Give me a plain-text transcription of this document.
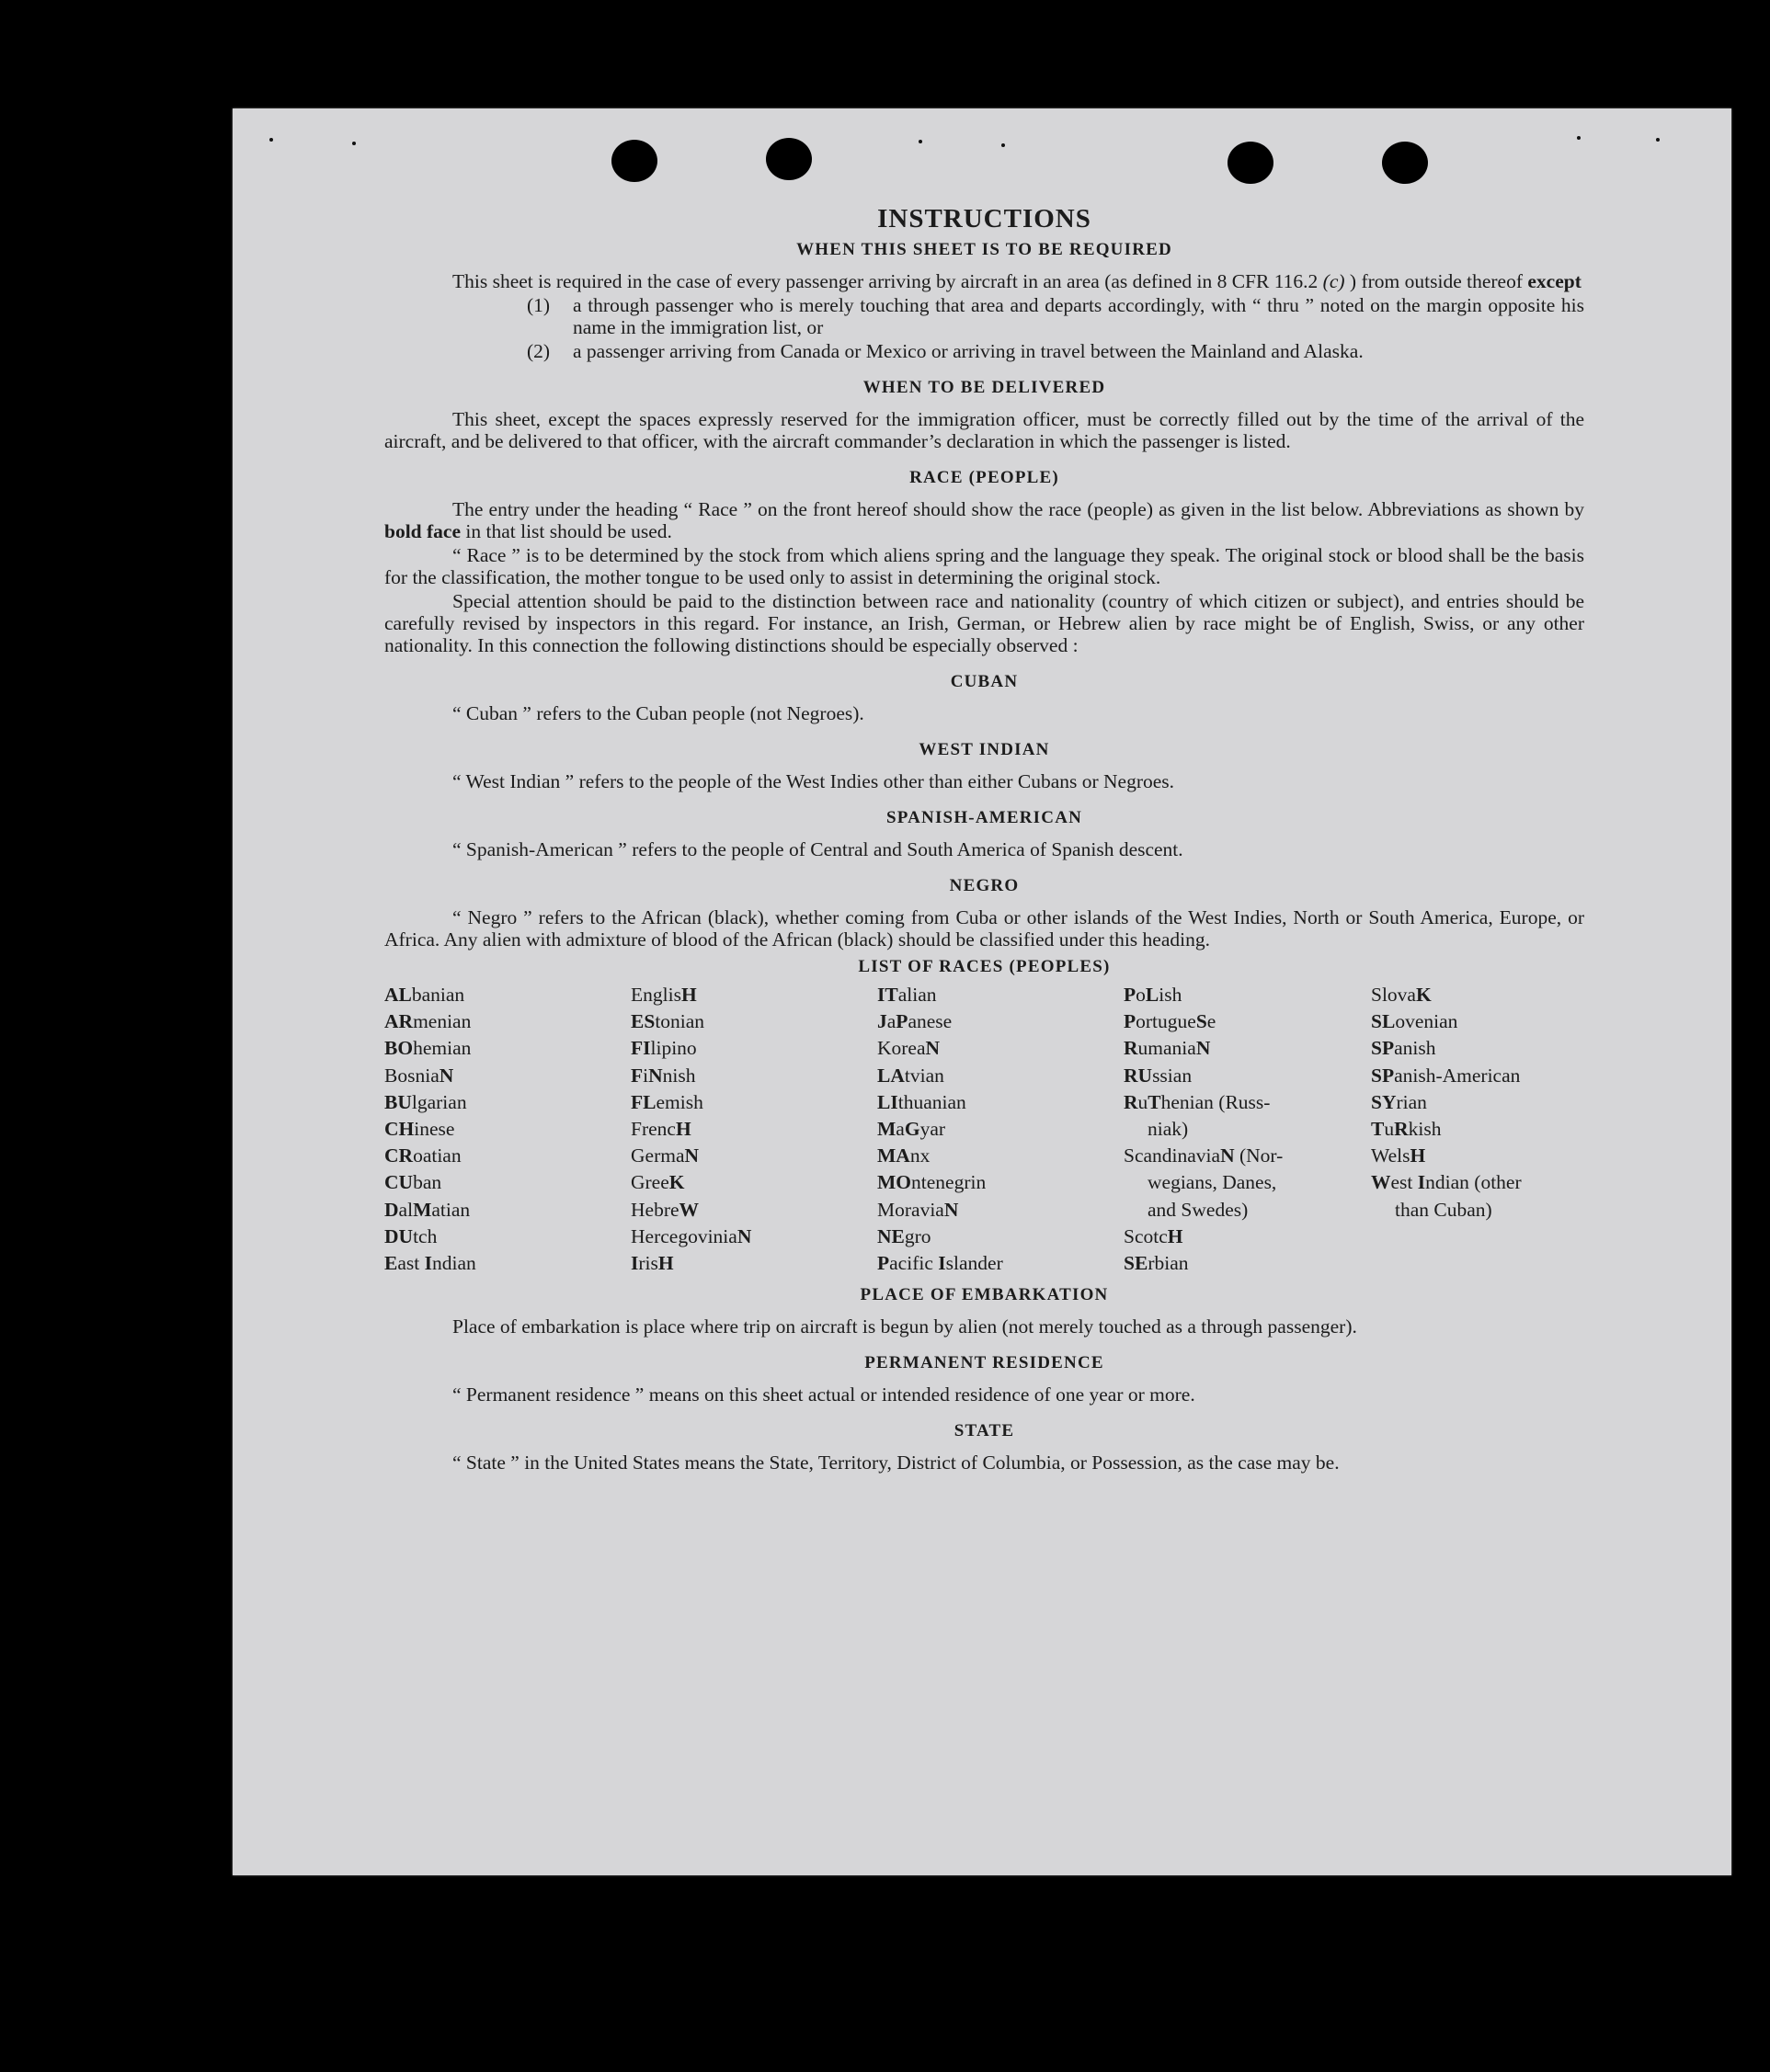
INSTRUCTIONS
WHEN THIS SHEET IS TO BE REQUIRED
This sheet is required in the case of every passenger arriving by aircraft in an area (as defined in 8 CFR 116.2 (c) ) from outside thereof except
(1)	a through passenger who is merely touching that area and departs accordingly, with “ thru ” noted on the margin opposite his name in the immigration list, or
(2)	a passenger arriving from Canada or Mexico or arriving in travel between the Mainland and Alaska.
WHEN TO BE DELIVERED
This sheet, except the spaces expressly reserved for the immigration officer, must be correctly filled out by the time of the arrival of the aircraft, and be delivered to that officer, with the aircraft commander’s declaration in which the passenger is listed.
RACE (PEOPLE)
The entry under the heading “ Race ” on the front hereof should show the race (people) as given in the list below. Abbreviations as shown by bold face in that list should be used.
“ Race ” is to be determined by the stock from which aliens spring and the language they speak. The original stock or blood shall be the basis for the classification, the mother tongue to be used only to assist in determining the original stock.
Special attention should be paid to the distinction between race and nationality (country of which citizen or subject), and entries should be carefully revised by inspectors in this regard. For instance, an Irish, German, or Hebrew alien by race might be of English, Swiss, or any other nationality. In this connection the following distinctions should be especially observed :
CUBAN
“ Cuban ” refers to the Cuban people (not Negroes).
WEST INDIAN
“ West Indian ” refers to the people of the West Indies other than either Cubans or Negroes.
SPANISH-AMERICAN
“ Spanish-American ” refers to the people of Central and South America of Spanish descent.
NEGRO
“ Negro ” refers to the African (black), whether coming from Cuba or other islands of the West Indies, North or South America, Europe, or Africa. Any alien with admixture of blood of the African (black) should be classified under this heading.
LIST OF RACES (PEOPLES)
ALbanian
ARmenian
BOhemian
BosniaN
BUlgarian
CHinese
CRoatian
CUban
DalMatian
DUtch
East Indian
EnglisH
EStonian
FIlipino
FiNnish
FLemish
FrencH
GermaN
GreeK
HebreW
HercegoviniaN
IrisH
ITalian
JaPanese
KoreaN
LAtvian
LIthuanian
MaGyar
MAnx
MOntenegrin
MoraviaN
NEgro
Pacific Islander
PoLish
PortugueSe
RumaniaN
RUssian
RuThenian (Russ-
niak)
ScandinaviaN (Nor-
wegians, Danes,
and Swedes)
ScotcH
SErbian
SlovaK
SLovenian
SPanish
SPanish-American
SYrian
TuRkish
WelsH
West Indian (other
than Cuban)
PLACE OF EMBARKATION
Place of embarkation is place where trip on aircraft is begun by alien (not merely touched as a through passenger).
PERMANENT RESIDENCE
“ Permanent residence ” means on this sheet actual or intended residence of one year or more.
STATE
“ State ” in the United States means the State, Territory, District of Columbia, or Possession, as the case may be.
